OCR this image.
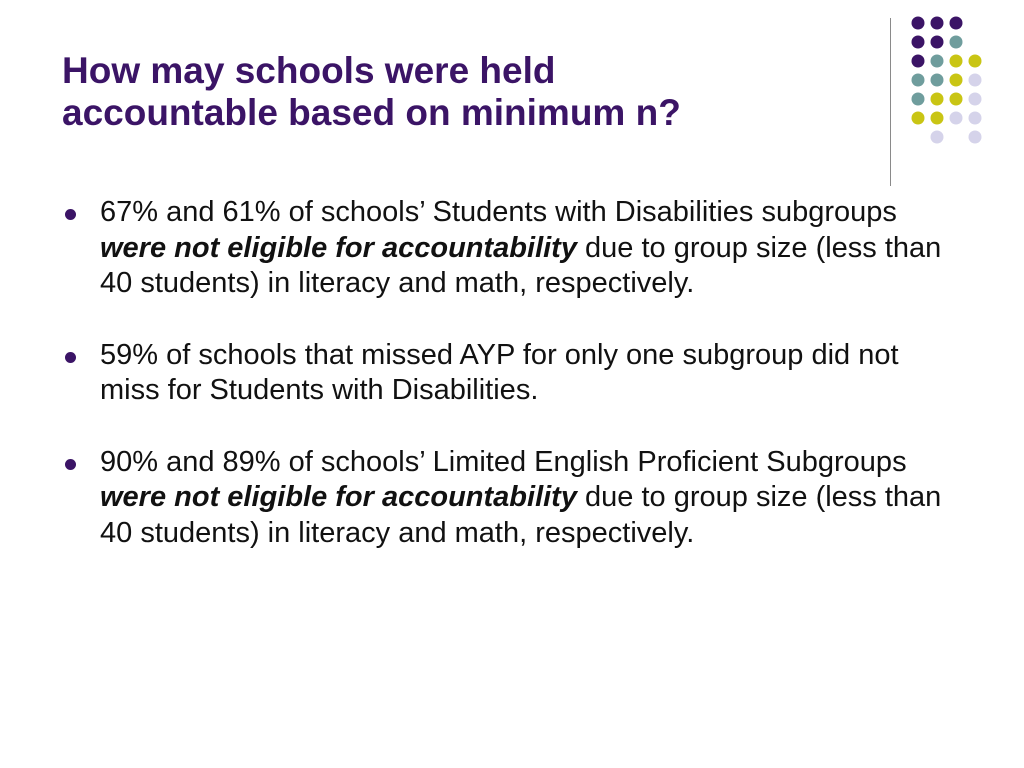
How may schools were held
accountable based on minimum n?
67% and 61% of schools’ Students with Disabilities subgroups were not eligible for accountability due to group size (less than 40 students) in literacy and math, respectively.
59% of schools that missed AYP for only one subgroup did not miss for Students with Disabilities.
90% and 89% of schools’ Limited English Proficient Subgroups were not eligible for accountability due to group size (less than 40 students) in literacy and math, respectively.
